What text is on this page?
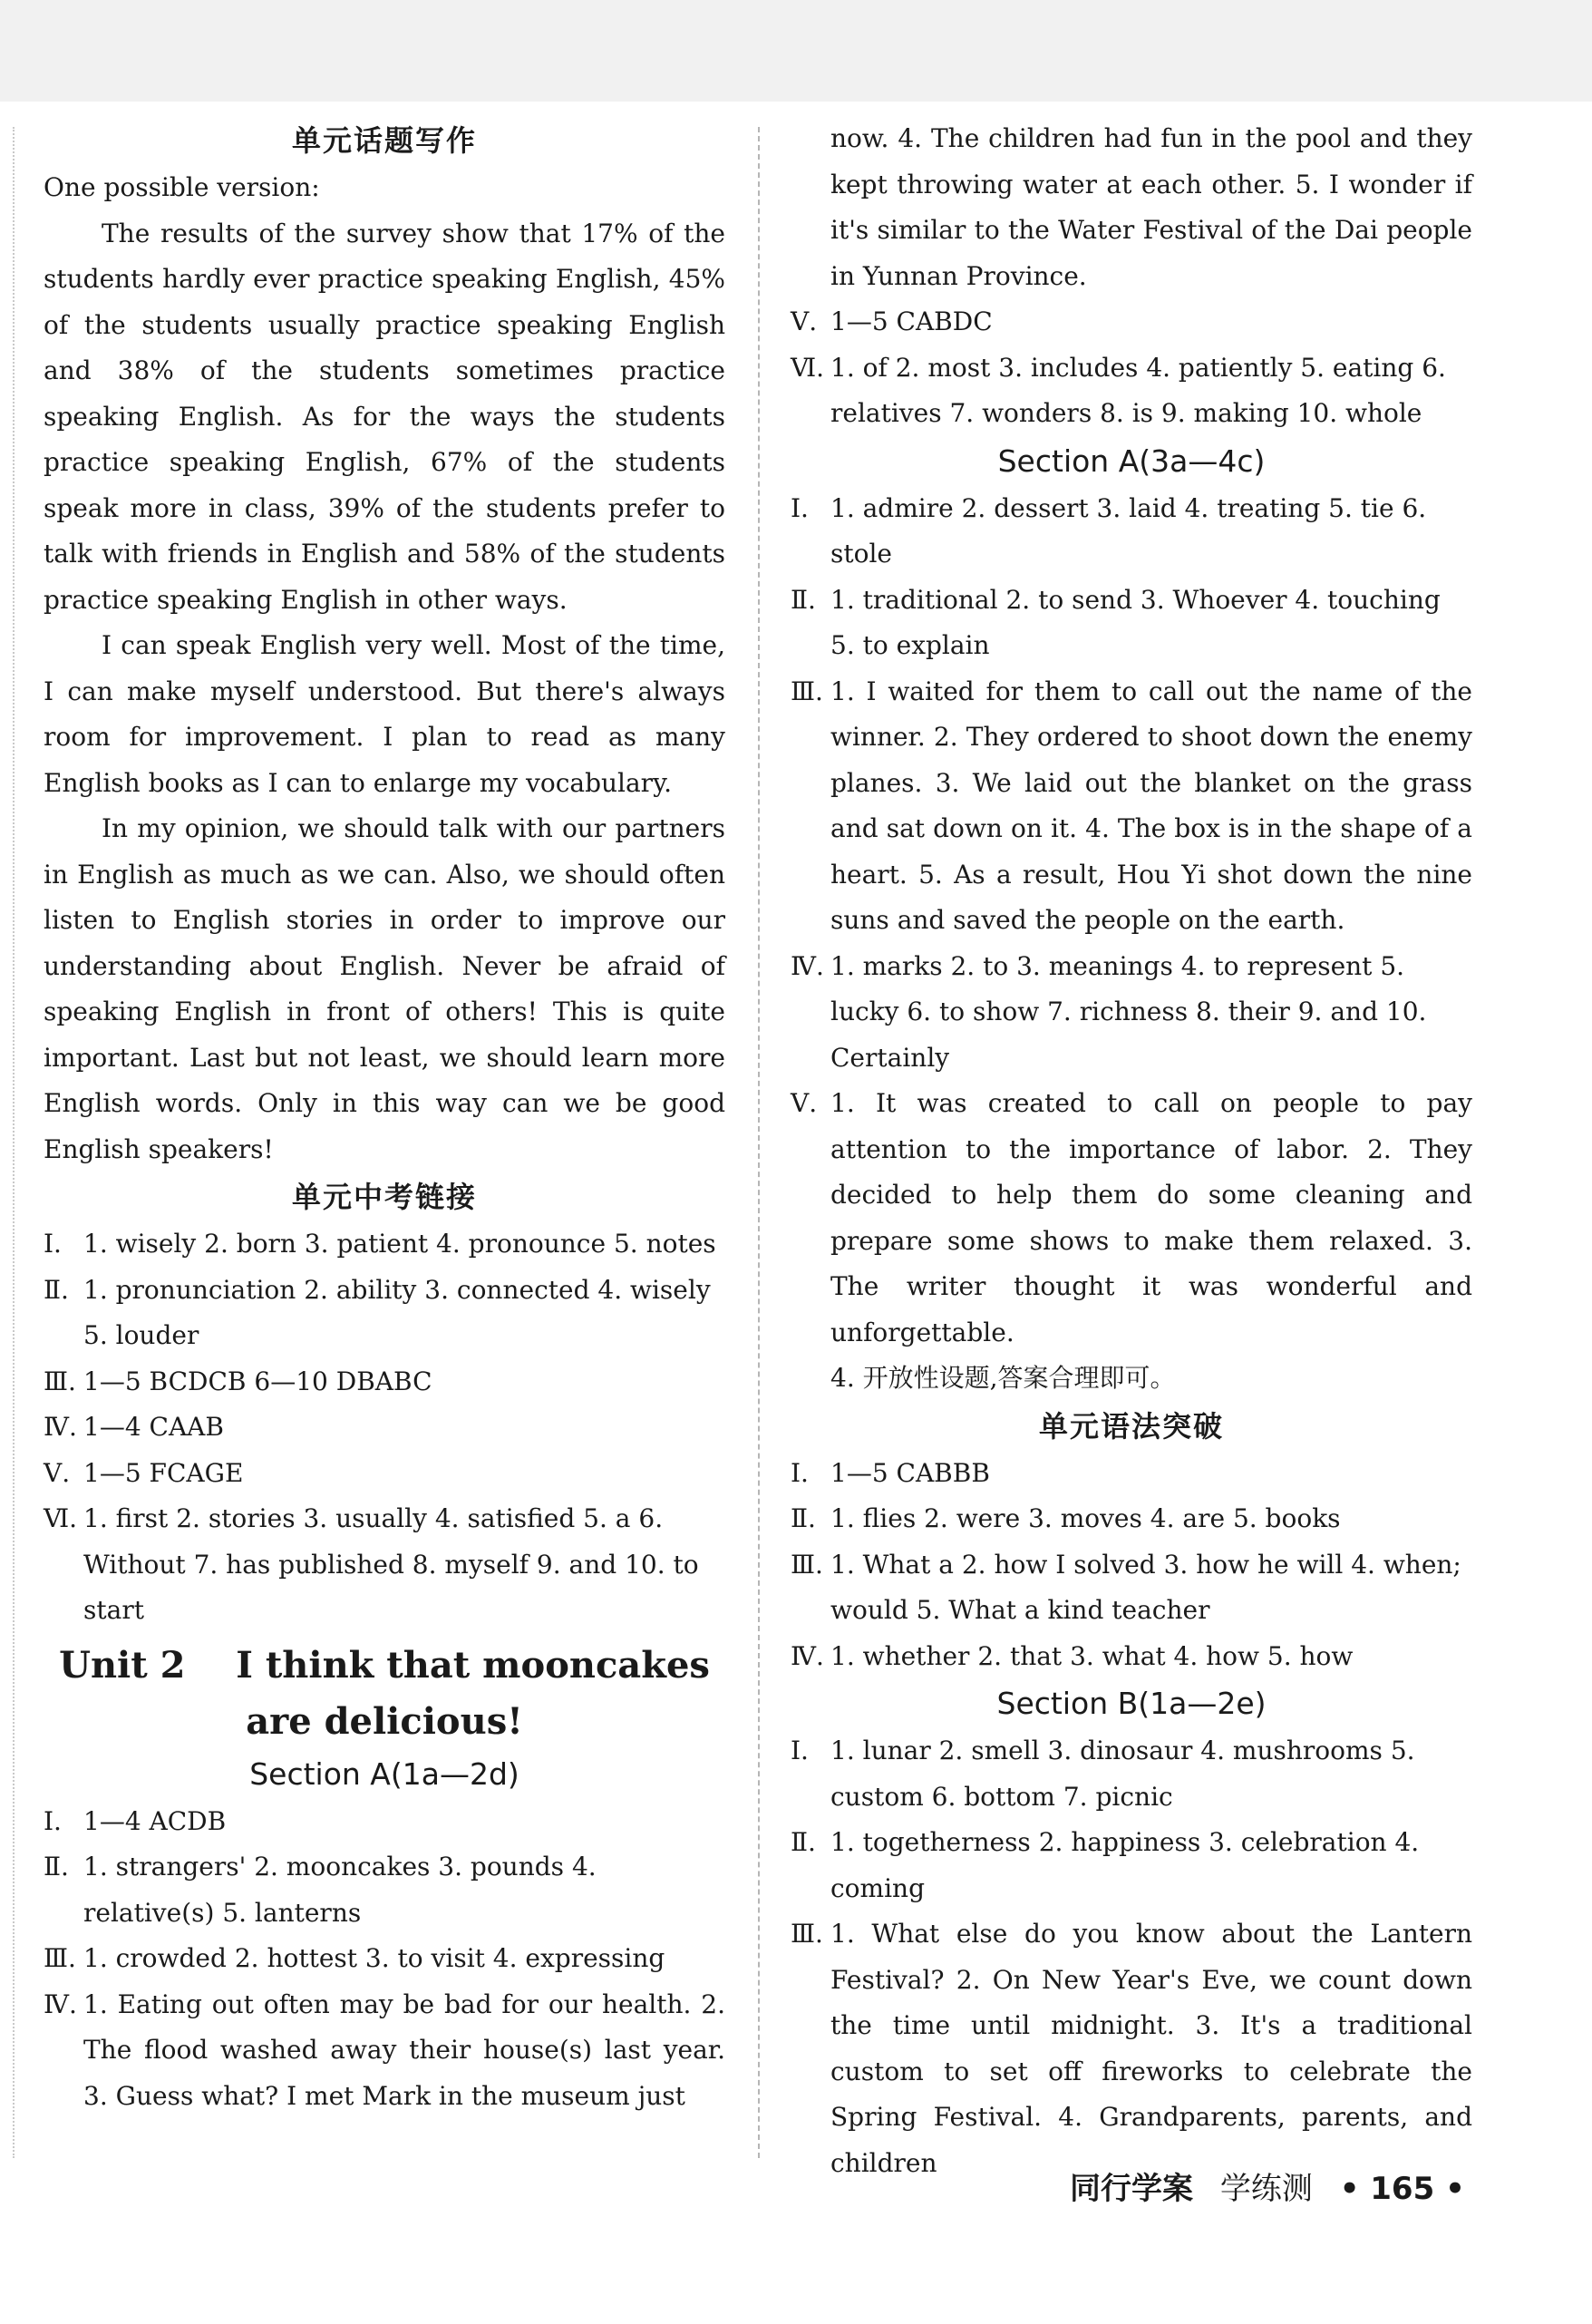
单元话题写作

One possible version:

The results of the survey show that 17% of the students hardly ever practice speaking English, 45% of the students usually practice speaking English and 38% of the students sometimes practice speaking English. As for the ways the students practice speaking English, 67% of the students speak more in class, 39% of the students prefer to talk with friends in English and 58% of the students practice speaking English in other ways.

I can speak English very well. Most of the time, I can make myself understood. But there's always room for improvement. I plan to read as many English books as I can to enlarge my vocabulary.

In my opinion, we should talk with our partners in English as much as we can. Also, we should often listen to English stories in order to improve our understanding about English. Never be afraid of speaking English in front of others! This is quite important. Last but not least, we should learn more English words. Only in this way can we be good English speakers!

单元中考链接

Ⅰ. 1. wisely 2. born 3. patient 4. pronounce 5. notes
Ⅱ. 1. pronunciation 2. ability 3. connected 4. wisely 5. louder
Ⅲ. 1—5 BCDCB 6—10 DBABC
Ⅳ. 1—4 CAAB
Ⅴ. 1—5 FCAGE
Ⅵ. 1. first 2. stories 3. usually 4. satisfied 5. a 6. Without 7. has published 8. myself 9. and 10. to start

Unit 2    I think that mooncakes

are delicious!

Section A(1a—2d)

Ⅰ. 1—4 ACDB
Ⅱ. 1. strangers' 2. mooncakes 3. pounds 4. relative(s) 5. lanterns
Ⅲ. 1. crowded 2. hottest 3. to visit 4. expressing
Ⅳ. 1. Eating out often may be bad for our health. 2. The flood washed away their house(s) last year. 3. Guess what? I met Mark in the museum just
now. 4. The children had fun in the pool and they kept throwing water at each other. 5. I wonder if it's similar to the Water Festival of the Dai people in Yunnan Province.
Ⅴ. 1—5 CABDC
Ⅵ. 1. of 2. most 3. includes 4. patiently 5. eating 6. relatives 7. wonders 8. is 9. making 10. whole

Section A(3a—4c)

Ⅰ. 1. admire 2. dessert 3. laid 4. treating 5. tie 6. stole
Ⅱ. 1. traditional 2. to send 3. Whoever 4. touching 5. to explain
Ⅲ. 1. I waited for them to call out the name of the winner. 2. They ordered to shoot down the enemy planes. 3. We laid out the blanket on the grass and sat down on it. 4. The box is in the shape of a heart. 5. As a result, Hou Yi shot down the nine suns and saved the people on the earth.
Ⅳ. 1. marks 2. to 3. meanings 4. to represent 5. lucky 6. to show 7. richness 8. their 9. and 10. Certainly
Ⅴ. 1. It was created to call on people to pay attention to the importance of labor. 2. They decided to help them do some cleaning and prepare some shows to make them relaxed. 3. The writer thought it was wonderful and unforgettable.
4. 开放性设题,答案合理即可。

单元语法突破

Ⅰ. 1—5 CABBB
Ⅱ. 1. flies 2. were 3. moves 4. are 5. books
Ⅲ. 1. What a 2. how I solved 3. how he will 4. when; would 5. What a kind teacher
Ⅳ. 1. whether 2. that 3. what 4. how 5. how

Section B(1a—2e)

Ⅰ. 1. lunar 2. smell 3. dinosaur 4. mushrooms 5. custom 6. bottom 7. picnic
Ⅱ. 1. togetherness 2. happiness 3. celebration 4. coming
Ⅲ. 1. What else do you know about the Lantern Festival? 2. On New Year's Eve, we count down the time until midnight. 3. It's a traditional custom to set off fireworks to celebrate the Spring Festival. 4. Grandparents, parents, and children
同行学案 学练测 • 165 •
